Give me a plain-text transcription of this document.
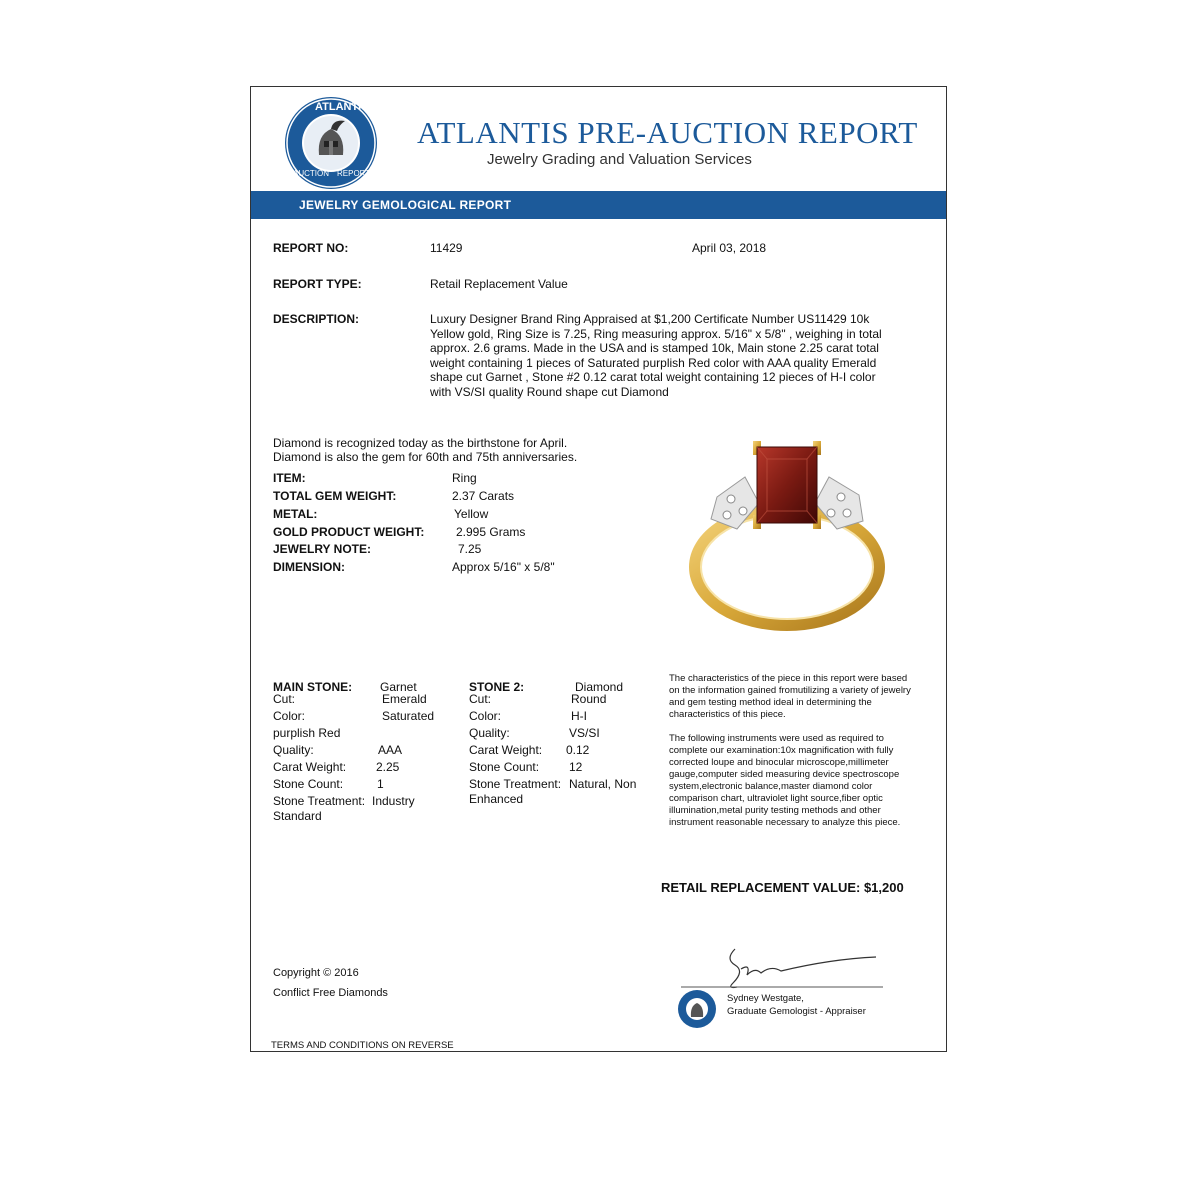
ATLANTIS
AUCTION REPORT
ATLANTIS PRE-AUCTION REPORT
Jewelry Grading and Valuation Services
JEWELRY GEMOLOGICAL REPORT
REPORT NO:	11429	April 03, 2018
REPORT TYPE:	Retail Replacement Value
DESCRIPTION:	Luxury Designer Brand Ring Appraised at $1,200 Certificate Number US11429 10k Yellow gold, Ring Size is 7.25, Ring measuring approx. 5/16" x 5/8" , weighing in total approx. 2.6 grams. Made in the USA and is stamped 10k, Main stone 2.25 carat total weight containing 1 pieces of Saturated purplish Red color with AAA quality Emerald shape cut Garnet , Stone #2 0.12 carat total weight containing 12 pieces of H-I color with VS/SI quality Round shape cut Diamond
Diamond is recognized today as the birthstone for April.
Diamond is also the gem for 60th and 75th anniversaries.
ITEM:	Ring
TOTAL GEM WEIGHT:	2.37 Carats
METAL:	Yellow
GOLD PRODUCT WEIGHT:	2.995 Grams
JEWELRY NOTE:	7.25
DIMENSION:	Approx 5/16" x 5/8"
MAIN STONE: Garnet
Cut:	Emerald
Color:	Saturated
purplish Red
Quality:	AAA
Carat Weight: 2.25
Stone Count:	1
Stone Treatment: Industry
Standard
STONE 2:	Diamond
Cut:	Round
Color:	H-I
Quality:	VS/SI
Carat Weight: 0.12
Stone Count: 12
Stone Treatment: Natural, Non
Enhanced
The characteristics of the piece in this report were based on the information gained fromutilizing a variety of jewelry and gem testing method ideal in determining the characteristics of this piece.
The following instruments were used as required to complete our examination:10x magnification with fully corrected loupe and binocular microscope,millimeter gauge,computer sided measuring device spectroscope system,electronic balance,master diamond color comparison chart, ultraviolet light source,fiber optic illumination,metal purity testing methods and other instrument reasonable necessary to analyze this piece.
RETAIL REPLACEMENT VALUE: $1,200
Sydney Westgate,
Graduate Gemologist - Appraiser
Copyright © 2016
Conflict Free Diamonds
TERMS AND CONDITIONS ON REVERSE
